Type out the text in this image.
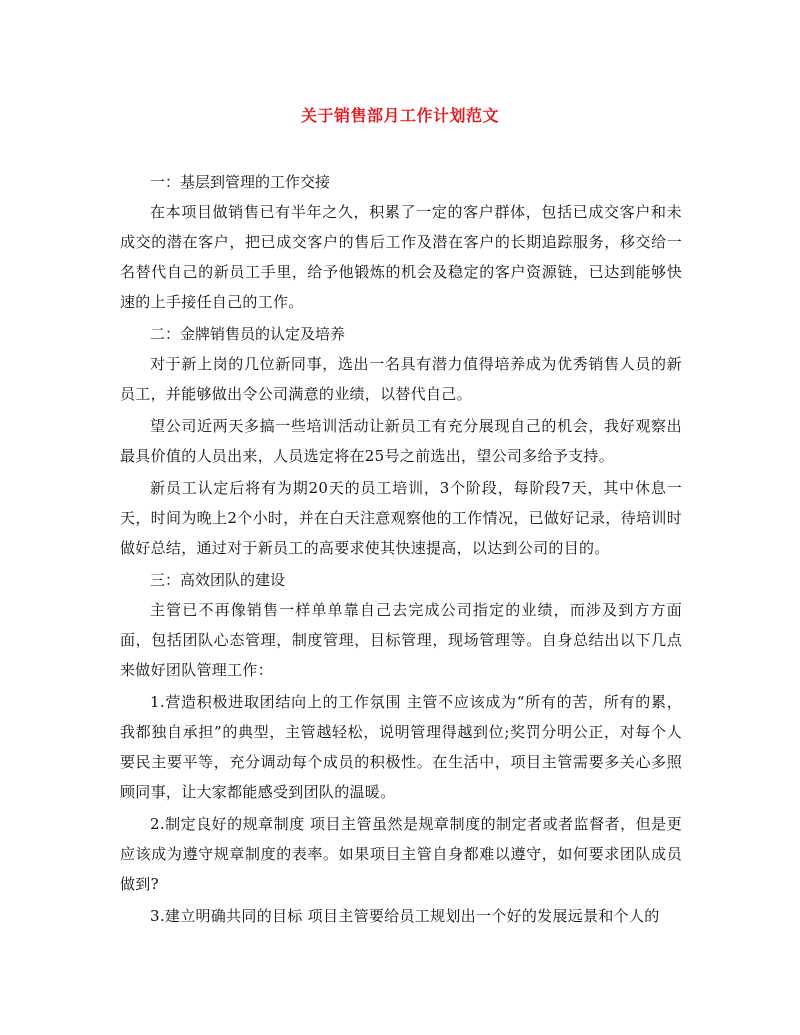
关于销售部月工作计划范文

一：基层到管理的工作交接

在本项目做销售已有半年之久，积累了一定的客户群体，包括已成交客户和未成交的潜在客户，把已成交客户的售后工作及潜在客户的长期追踪服务，移交给一名替代自己的新员工手里，给予他锻炼的机会及稳定的客户资源链，已达到能够快速的上手接任自己的工作。

二：金牌销售员的认定及培养

对于新上岗的几位新同事，选出一名具有潜力值得培养成为优秀销售人员的新员工，并能够做出令公司满意的业绩，以替代自己。

望公司近两天多搞一些培训活动让新员工有充分展现自己的机会，我好观察出最具价值的人员出来，人员选定将在25号之前选出，望公司多给予支持。

新员工认定后将有为期20天的员工培训，3个阶段，每阶段7天，其中休息一天，时间为晚上2个小时，并在白天注意观察他的工作情况，已做好记录，待培训时做好总结，通过对于新员工的高要求使其快速提高，以达到公司的目的。

三：高效团队的建设

主管已不再像销售一样单单靠自己去完成公司指定的业绩，而涉及到方方面面，包括团队心态管理，制度管理，目标管理，现场管理等。自身总结出以下几点来做好团队管理工作：

1.营造积极进取团结向上的工作氛围 主管不应该成为“所有的苦，所有的累，我都独自承担”的典型，主管越轻松，说明管理得越到位;奖罚分明公正，对每个人要民主要平等，充分调动每个成员的积极性。在生活中，项目主管需要多关心多照顾同事，让大家都能感受到团队的温暖。

2.制定良好的规章制度 项目主管虽然是规章制度的制定者或者监督者，但是更应该成为遵守规章制度的表率。如果项目主管自身都难以遵守，如何要求团队成员做到?

3.建立明确共同的目标 项目主管要给员工规划出一个好的发展远景和个人的
